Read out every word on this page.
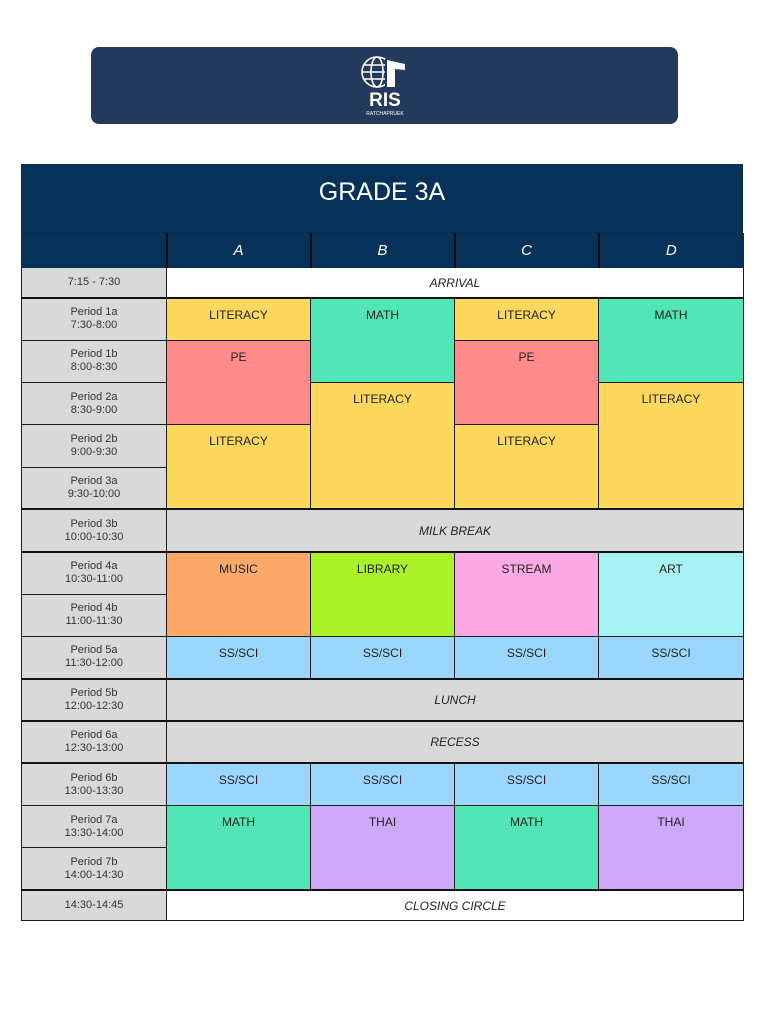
RIS
RATCHAPRUEK
GRADE 3A
	A	B	C	D
7:15 - 7:30	ARRIVAL			
Period 1a
7:30-8:00	LITERACY	MATH	LITERACY	MATH
Period 1b
8:00-8:30	PE		PE	
Period 2a
8:30-9:00		LITERACY		LITERACY
Period 2b
9:00-9:30	LITERACY		LITERACY	
Period 3a
9:30-10:00				
Period 3b
10:00-10:30	MILK BREAK			
Period 4a
10:30-11:00	MUSIC	LIBRARY	STREAM	ART
Period 4b
11:00-11:30				
Period 5a
11:30-12:00	SS/SCI	SS/SCI	SS/SCI	SS/SCI
Period 5b
12:00-12:30	LUNCH			
Period 6a
12:30-13:00	RECESS			
Period 6b
13:00-13:30	SS/SCI	SS/SCI	SS/SCI	SS/SCI
Period 7a
13:30-14:00	MATH	THAI	MATH	THAI
Period 7b
14:00-14:30				
14:30-14:45	CLOSING CIRCLE			
